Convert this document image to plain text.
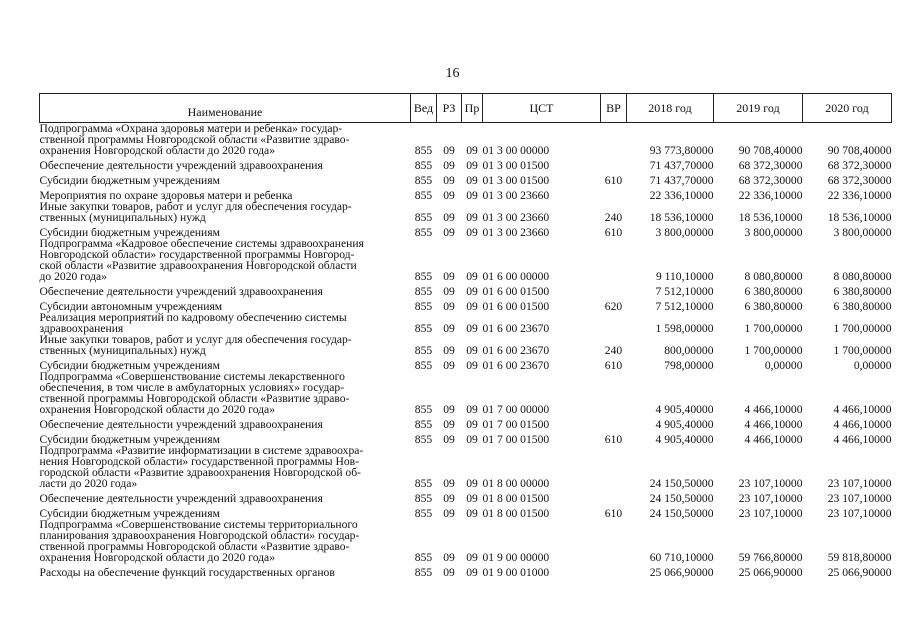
16
Наименование	Вед	РЗ	Пр	ЦСТ	ВР	2018 год	2019 год	2020 год
Подпрограмма «Охрана здоровья матери и ребенка» государ-
ственной программы Новгородской области «Развитие здраво-
охранения Новгородской области до 2020 года»	855	09	09	01 3 00 00000		93 773,80000	90 708,40000	90 708,40000
Обеспечение деятельности учреждений здравоохранения	855	09	09	01 3 00 01500		71 437,70000	68 372,30000	68 372,30000
Субсидии бюджетным учреждениям	855	09	09	01 3 00 01500	610	71 437,70000	68 372,30000	68 372,30000
Мероприятия по охране здоровья матери и ребенка	855	09	09	01 3 00 23660		22 336,10000	22 336,10000	22 336,10000
Иные закупки товаров, работ и услуг для обеспечения государ-
ственных (муниципальных) нужд	855	09	09	01 3 00 23660	240	18 536,10000	18 536,10000	18 536,10000
Субсидии бюджетным учреждениям	855	09	09	01 3 00 23660	610	3 800,00000	3 800,00000	3 800,00000
Подпрограмма «Кадровое обеспечение системы здравоохранения
Новгородской области» государственной программы Новгород-
ской области «Развитие здравоохранения Новгородской области
до 2020 года»	855	09	09	01 6 00 00000		9 110,10000	8 080,80000	8 080,80000
Обеспечение деятельности учреждений здравоохранения	855	09	09	01 6 00 01500		7 512,10000	6 380,80000	6 380,80000
Субсидии автономным учреждениям	855	09	09	01 6 00 01500	620	7 512,10000	6 380,80000	6 380,80000
Реализация мероприятий по кадровому обеспечению системы
здравоохранения	855	09	09	01 6 00 23670		1 598,00000	1 700,00000	1 700,00000
Иные закупки товаров, работ и услуг для обеспечения государ-
ственных (муниципальных) нужд	855	09	09	01 6 00 23670	240	800,00000	1 700,00000	1 700,00000
Субсидии бюджетным учреждениям	855	09	09	01 6 00 23670	610	798,00000	0,00000	0,00000
Подпрограмма «Совершенствование системы лекарственного
обеспечения, в том числе в амбулаторных условиях» государ-
ственной программы Новгородской области «Развитие здраво-
охранения Новгородской области до 2020 года»	855	09	09	01 7 00 00000		4 905,40000	4 466,10000	4 466,10000
Обеспечение деятельности учреждений здравоохранения	855	09	09	01 7 00 01500		4 905,40000	4 466,10000	4 466,10000
Субсидии бюджетным учреждениям	855	09	09	01 7 00 01500	610	4 905,40000	4 466,10000	4 466,10000
Подпрограмма «Развитие информатизации в системе здравоохра-
нения Новгородской области» государственной программы Нов-
городской области «Развитие здравоохранения Новгородской об-
ласти до 2020 года»	855	09	09	01 8 00 00000		24 150,50000	23 107,10000	23 107,10000
Обеспечение деятельности учреждений здравоохранения	855	09	09	01 8 00 01500		24 150,50000	23 107,10000	23 107,10000
Субсидии бюджетным учреждениям	855	09	09	01 8 00 01500	610	24 150,50000	23 107,10000	23 107,10000
Подпрограмма «Совершенствование системы территориального
планирования здравоохранения Новгородской области» государ-
ственной программы Новгородской области «Развитие здраво-
охранения Новгородской области до 2020 года»	855	09	09	01 9 00 00000		60 710,10000	59 766,80000	59 818,80000
Расходы на обеспечение функций государственных органов	855	09	09	01 9 00 01000		25 066,90000	25 066,90000	25 066,90000
